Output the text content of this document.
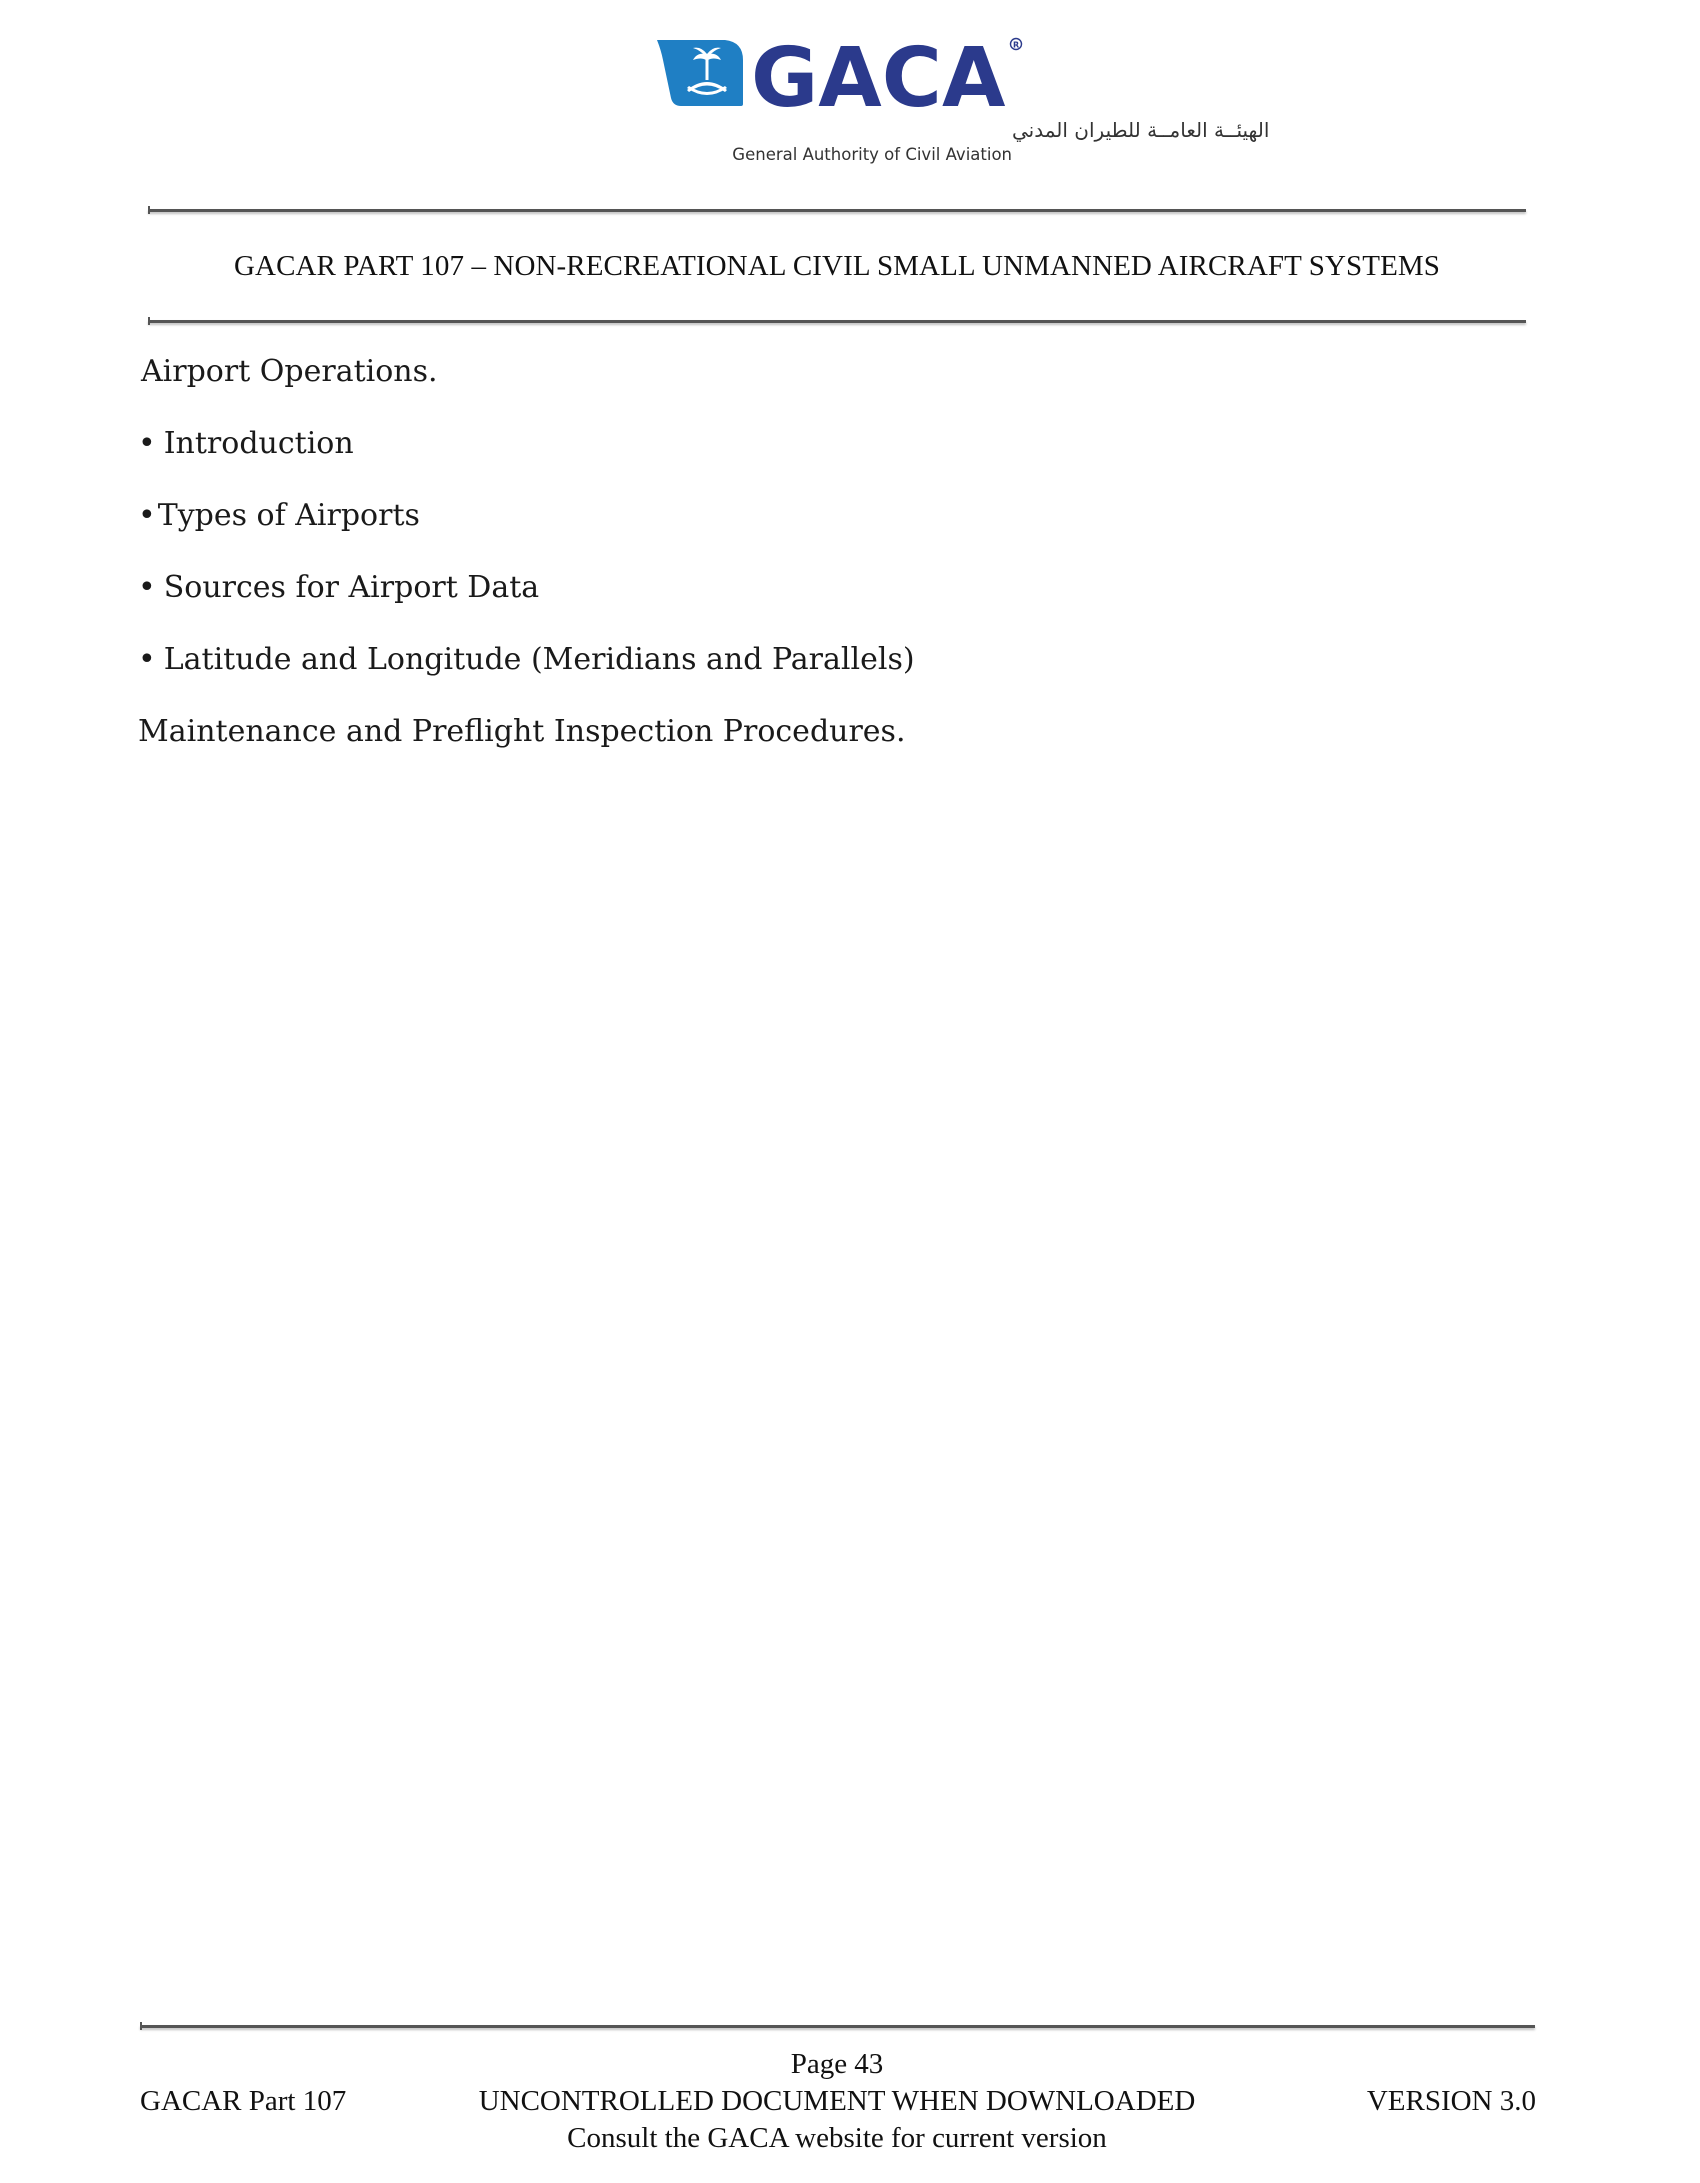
GACA R
الهيئــة العامــة للطيران المدني
General Authority of Civil Aviation
GACAR PART 107 – NON-RECREATIONAL CIVIL SMALL UNMANNED AIRCRAFT SYSTEMS
Airport Operations.
• Introduction
•Types of Airports
• Sources for Airport Data
• Latitude and Longitude (Meridians and Parallels)
Maintenance and Preflight Inspection Procedures.
Page 43
UNCONTROLLED DOCUMENT WHEN DOWNLOADED
GACAR Part 107	VERSION 3.0
Consult the GACA website for current version
